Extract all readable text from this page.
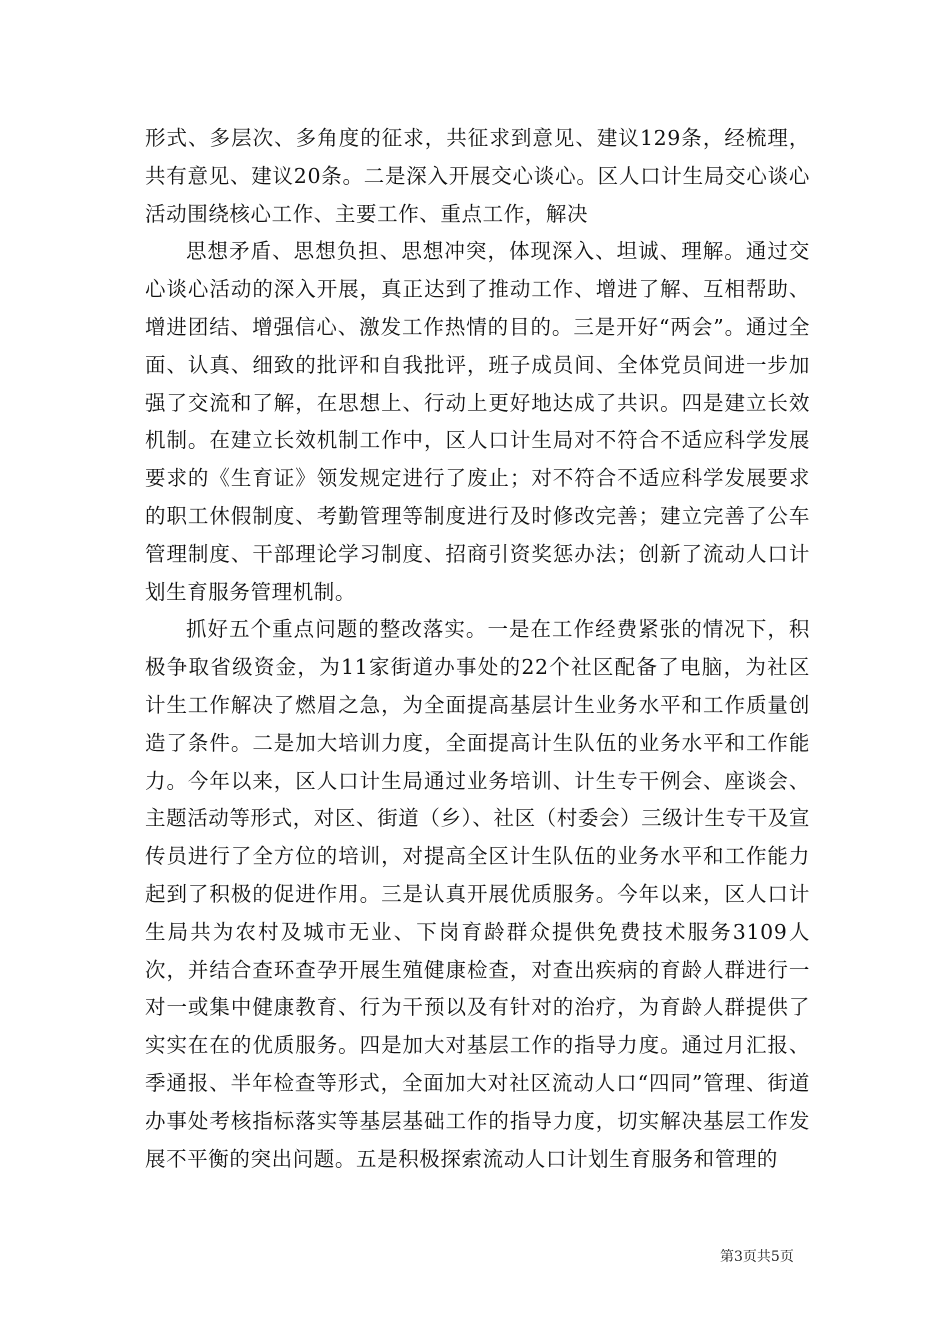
形式、多层次、多角度的征求，共征求到意见、建议129条，经梳理，共有意见、建议20条。二是深入开展交心谈心。区人口计生局交心谈心活动围绕核心工作、主要工作、重点工作，解决

思想矛盾、思想负担、思想冲突，体现深入、坦诚、理解。通过交心谈心活动的深入开展，真正达到了推动工作、增进了解、互相帮助、增进团结、增强信心、激发工作热情的目的。三是开好“两会”。通过全面、认真、细致的批评和自我批评，班子成员间、全体党员间进一步加强了交流和了解，在思想上、行动上更好地达成了共识。四是建立长效机制。在建立长效机制工作中，区人口计生局对不符合不适应科学发展要求的《生育证》领发规定进行了废止；对不符合不适应科学发展要求的职工休假制度、考勤管理等制度进行及时修改完善；建立完善了公车管理制度、干部理论学习制度、招商引资奖惩办法；创新了流动人口计划生育服务管理机制。

抓好五个重点问题的整改落实。一是在工作经费紧张的情况下，积极争取省级资金，为11家街道办事处的22个社区配备了电脑，为社区计生工作解决了燃眉之急，为全面提高基层计生业务水平和工作质量创造了条件。二是加大培训力度，全面提高计生队伍的业务水平和工作能力。今年以来，区人口计生局通过业务培训、计生专干例会、座谈会、主题活动等形式，对区、街道（乡）、社区（村委会）三级计生专干及宣传员进行了全方位的培训，对提高全区计生队伍的业务水平和工作能力起到了积极的促进作用。三是认真开展优质服务。今年以来，区人口计生局共为农村及城市无业、下岗育龄群众提供免费技术服务3109人次，并结合查环查孕开展生殖健康检查，对查出疾病的育龄人群进行一对一或集中健康教育、行为干预以及有针对的治疗，为育龄人群提供了实实在在的优质服务。四是加大对基层工作的指导力度。通过月汇报、季通报、半年检查等形式，全面加大对社区流动人口“四同”管理、街道办事处考核指标落实等基层基础工作的指导力度，切实解决基层工作发展不平衡的突出问题。五是积极探索流动人口计划生育服务和管理的

第3页共5页
